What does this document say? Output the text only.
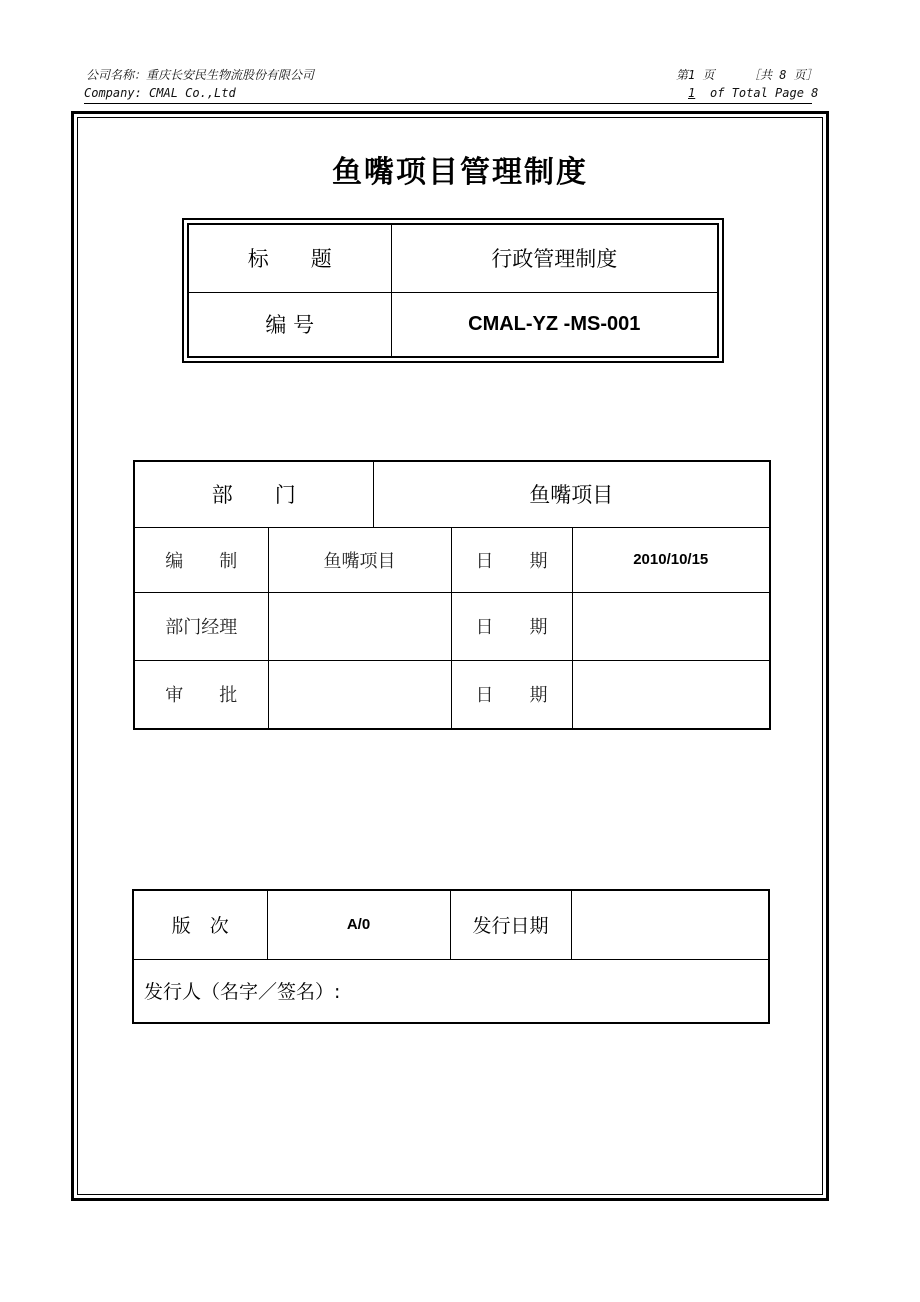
公司名称：重庆长安民生物流股份有限公司
Company: CMAL Co.,Ltd
第1 页	［共 8 页］
1 of Total Page 8
鱼嘴项目管理制度
标　　题	行政管理制度
编 号	CMAL-YZ -MS-001
部　　门		鱼嘴项目		
编　　制	鱼嘴项目		日　　期	2010/10/15
部门经理			日　　期	
审　　批			日　　期	
版　次	A/0	发行日期	
发行人（名字／签名）:
